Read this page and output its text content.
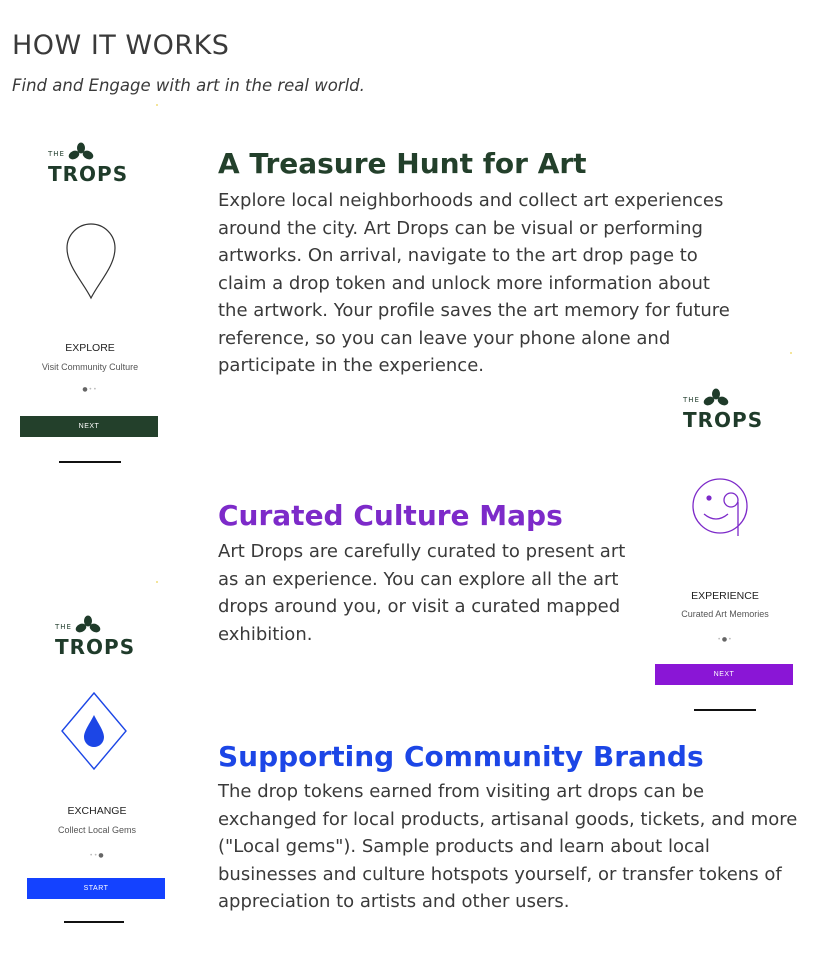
HOW IT WORKS

Find and Engage with art in the real world.

A Treasure Hunt for Art

Explore local neighborhoods and collect art experiences around the city. Art Drops can be visual or performing artworks. On arrival, navigate to the art drop page to claim a drop token and unlock more information about the artwork. Your profile saves the art memory for future reference, so you can leave your phone alone and participate in the experience.

Curated Culture Maps

Art Drops are carefully curated to present art as an experience. You can explore all the art drops around you, or visit a curated mapped exhibition.

Supporting Community Brands

The drop tokens earned from visiting art drops can be exchanged for local products, artisanal goods, tickets, and more ("Local gems"). Sample products and learn about local businesses and culture hotspots yourself, or transfer tokens of appreciation to artists and other users.

THE
TROPS
EXPLORE
Visit Community Culture
●••
NEXT
THE
TROPS
EXPERIENCE
Curated Art Memories
•●•
NEXT
THE
TROPS
EXCHANGE
Collect Local Gems
••●
START
